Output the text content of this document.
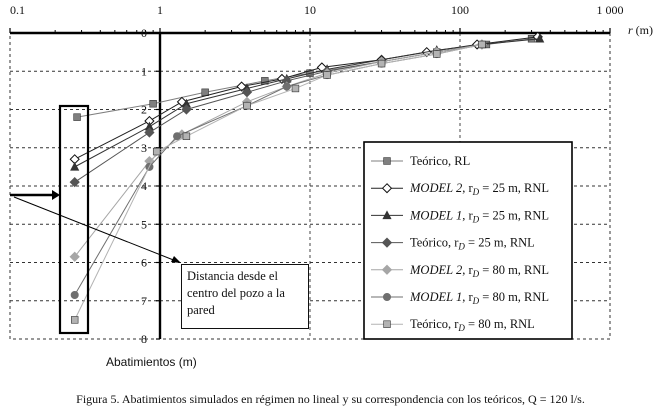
0.1	1	10	100	1 000
r (m)
0
1
2
3
4
5
6
7
8
Teórico, RL
MODEL 2, $r_D = 25$ m, RNL
MODEL 1, $r_D = 25$ m, RNL
Teórico, $r_D = 25$ m, RNL
MODEL 2, $r_D = 80$ m, RNL
MODEL 1, $r_D = 80$ m, RNL
Teórico, $r_D = 80$ m, RNL
Distancia desde el
centro del pozo a la
pared
Abatimientos (m)
Figura 5. Abatimientos simulados en régimen no lineal y su correspondencia con los teóricos, Q = 120 l/s.
